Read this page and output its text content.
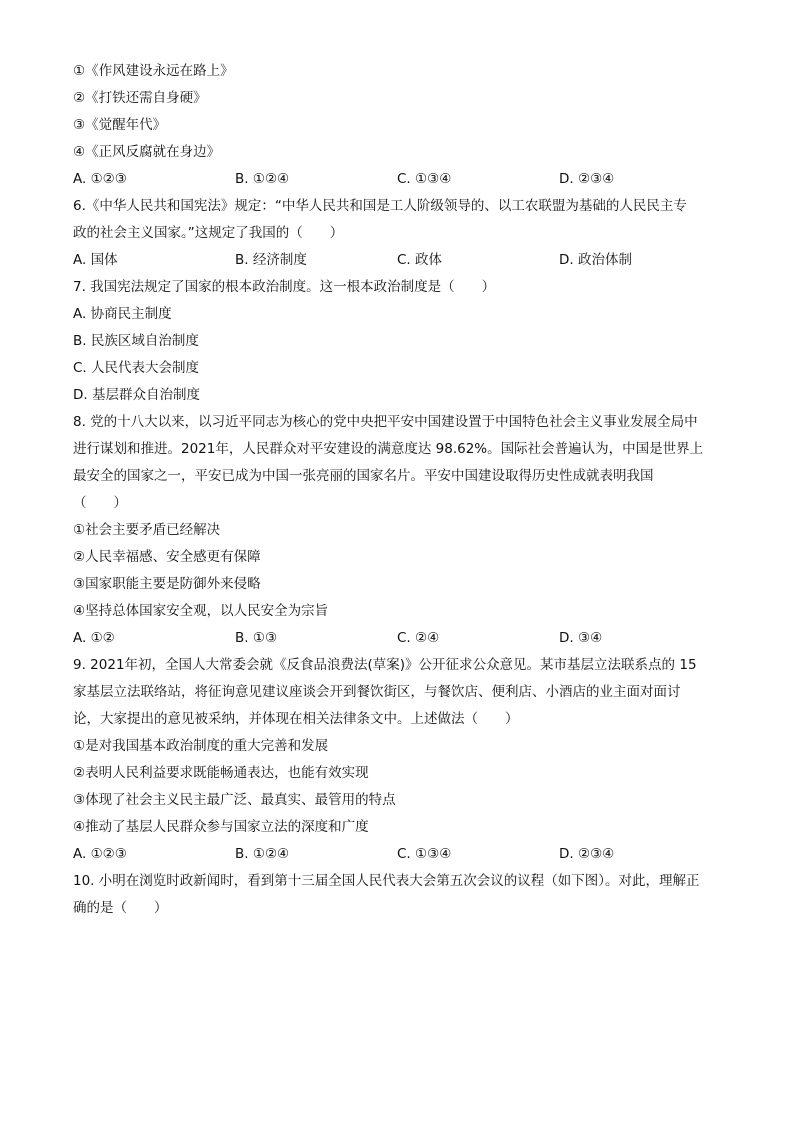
①《作风建设永远在路上》
②《打铁还需自身硬》
③《觉醒年代》
④《正风反腐就在身边》
A. ①②③	B. ①②④	C. ①③④	D. ②③④
6.《中华人民共和国宪法》规定：“中华人民共和国是工人阶级领导的、以工农联盟为基础的人民民主专
政的社会主义国家。”这规定了我国的（　　）
A. 国体	B. 经济制度	C. 政体	D. 政治体制
7. 我国宪法规定了国家的根本政治制度。这一根本政治制度是（　　）
A. 协商民主制度
B. 民族区域自治制度
C. 人民代表大会制度
D. 基层群众自治制度
8. 党的十八大以来，以习近平同志为核心的党中央把平安中国建设置于中国特色社会主义事业发展全局中
进行谋划和推进。2021年，人民群众对平安建设的满意度达 98.62%。国际社会普遍认为，中国是世界上
最安全的国家之一，平安已成为中国一张亮丽的国家名片。平安中国建设取得历史性成就表明我国
（　　）
①社会主要矛盾已经解决
②人民幸福感、安全感更有保障
③国家职能主要是防御外来侵略
④坚持总体国家安全观，以人民安全为宗旨
A. ①②	B. ①③	C. ②④	D. ③④
9. 2021年初，全国人大常委会就《反食品浪费法(草案)》公开征求公众意见。某市基层立法联系点的 15
家基层立法联络站，将征询意见建议座谈会开到餐饮街区，与餐饮店、便利店、小酒店的业主面对面讨
论，大家提出的意见被采纳，并体现在相关法律条文中。上述做法（　　）
①是对我国基本政治制度的重大完善和发展
②表明人民利益要求既能畅通表达，也能有效实现
③体现了社会主义民主最广泛、最真实、最管用的特点
④推动了基层人民群众参与国家立法的深度和广度
A. ①②③	B. ①②④	C. ①③④	D. ②③④
10. 小明在浏览时政新闻时，看到第十三届全国人民代表大会第五次会议的议程（如下图）。对此，理解正
确的是（　　）
